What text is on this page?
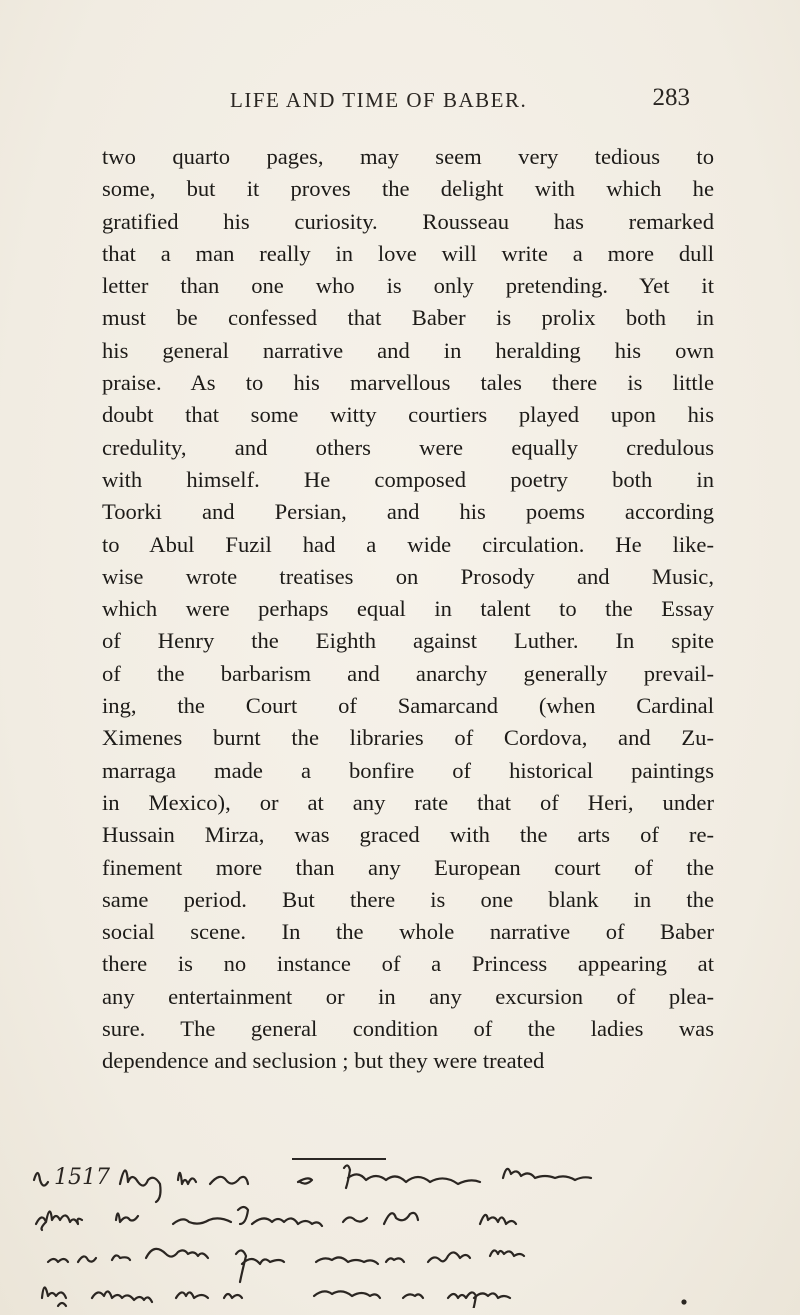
LIFE AND TIME OF BABER.	283
two quarto pages, may seem very tedious to
some, but it proves the delight with which he
gratified his curiosity. Rousseau has remarked
that a man really in love will write a more dull
letter than one who is only pretending. Yet it
must be confessed that Baber is prolix both in
his general narrative and in heralding his own
praise. As to his marvellous tales there is little
doubt that some witty courtiers played upon his
credulity, and others were equally credulous
with himself. He composed poetry both in
Toorki and Persian, and his poems according
to Abul Fuzil had a wide circulation. He like-
wise wrote treatises on Prosody and Music,
which were perhaps equal in talent to the Essay
of Henry the Eighth against Luther. In spite
of the barbarism and anarchy generally prevail-
ing, the Court of Samarcand (when Cardinal
Ximenes burnt the libraries of Cordova, and Zu-
marraga made a bonfire of historical paintings
in Mexico), or at any rate that of Heri, under
Hussain Mirza, was graced with the arts of re-
finement more than any European court of the
same period. But there is one blank in the
social scene. In the whole narrative of Baber
there is no instance of a Princess appearing at
any entertainment or in any excursion of plea-
sure. The general condition of the ladies was
dependence and seclusion ; but they were treated
1517
